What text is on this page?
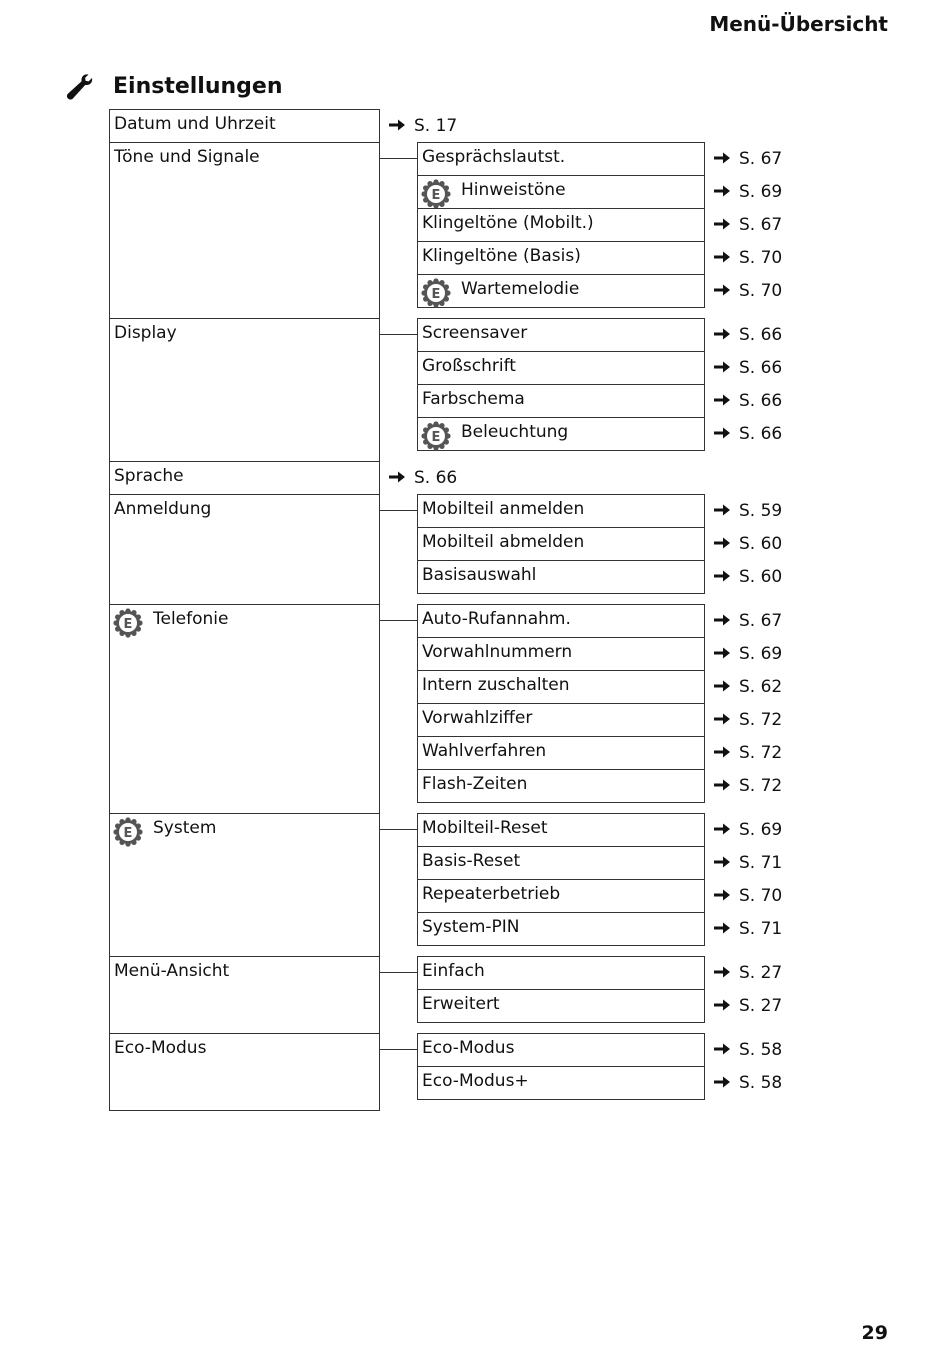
Menü-Übersicht
Einstellungen
Datum und Uhrzeit	S. 17
Töne und Signale	Gesprächslautst.	S. 67
E Hinweistöne	S. 69
Klingeltöne (Mobilt.)	S. 67
Klingeltöne (Basis)	S. 70
E Wartemelodie	S. 70
Display	Screensaver	S. 66
Großschrift	S. 66
Farbschema	S. 66
E Beleuchtung	S. 66
Sprache	S. 66
Anmeldung	Mobilteil anmelden	S. 59
Mobilteil abmelden	S. 60
Basisauswahl	S. 60
E Telefonie	Auto-Rufannahm.	S. 67
Vorwahlnummern	S. 69
Intern zuschalten	S. 62
Vorwahlziffer	S. 72
Wahlverfahren	S. 72
Flash-Zeiten	S. 72
E System	Mobilteil-Reset	S. 69
Basis-Reset	S. 71
Repeaterbetrieb	S. 70
System-PIN	S. 71
Menü-Ansicht	Einfach	S. 27
Erweitert	S. 27
Eco-Modus	Eco-Modus	S. 58
Eco-Modus+	S. 58
29
